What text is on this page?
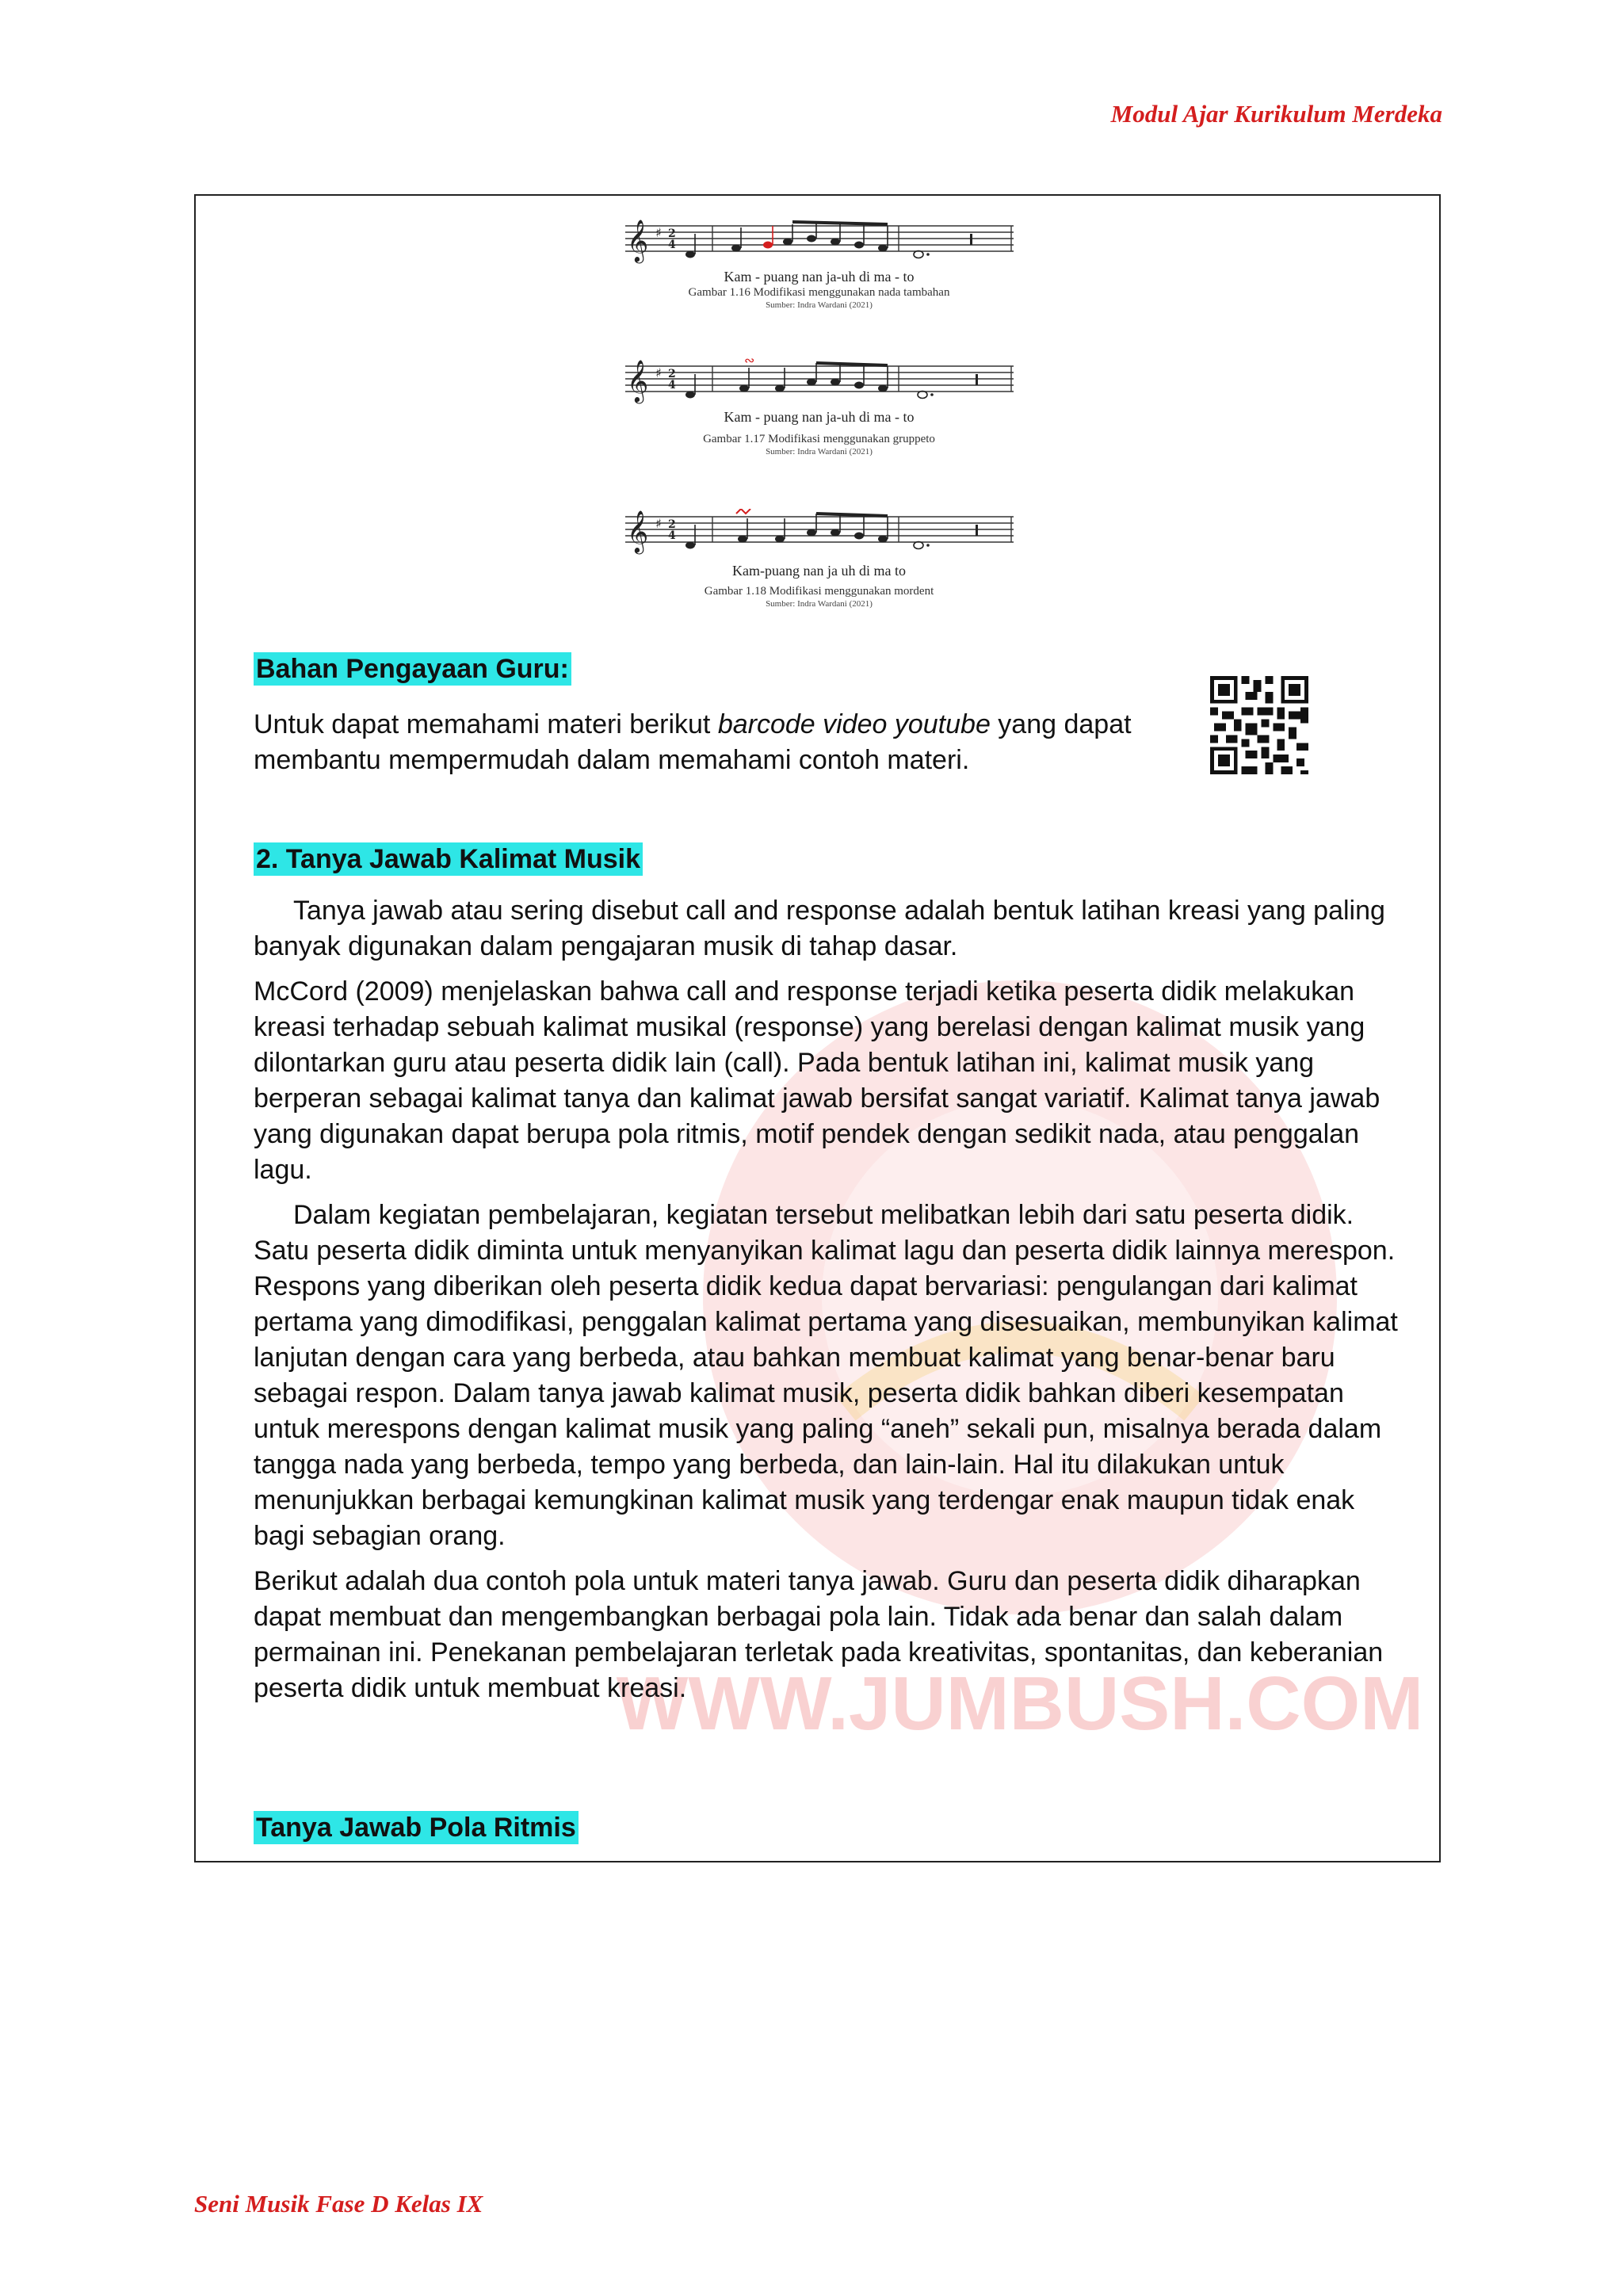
Modul Ajar Kurikulum Merdeka
WWW.JUMBUSH.COM
𝄞 ♯ 2
4
Kam - puang nan ja-uh di ma - to
Gambar 1.16 Modifikasi menggunakan nada tambahan
Sumber: Indra Wardani (2021)
𝄞 ♯ 2
4
∾
Kam - puang nan ja-uh di ma - to
Gambar 1.17 Modifikasi menggunakan gruppeto
Sumber: Indra Wardani (2021)
𝄞 ♯ 2
4
Kam-puang nan ja uh di ma to
Gambar 1.18 Modifikasi menggunakan mordent
Sumber: Indra Wardani (2021)
Bahan Pengayaan Guru:

Untuk dapat memahami materi berikut barcode video youtube yang dapat membantu mempermudah dalam memahami contoh materi.

2. Tanya Jawab Kalimat Musik

Tanya jawab atau sering disebut call and response adalah bentuk latihan kreasi yang paling banyak digunakan dalam pengajaran musik di tahap dasar.

McCord (2009) menjelaskan bahwa call and response terjadi ketika peserta didik melakukan kreasi terhadap sebuah kalimat musikal (response) yang berelasi dengan kalimat musik yang dilontarkan guru atau peserta didik lain (call). Pada bentuk latihan ini, kalimat musik yang berperan sebagai kalimat tanya dan kalimat jawab bersifat sangat variatif. Kalimat tanya jawab yang digunakan dapat berupa pola ritmis, motif pendek dengan sedikit nada, atau penggalan lagu.

Dalam kegiatan pembelajaran, kegiatan tersebut melibatkan lebih dari satu peserta didik. Satu peserta didik diminta untuk menyanyikan kalimat lagu dan peserta didik lainnya merespon. Respons yang diberikan oleh peserta didik kedua dapat bervariasi: pengulangan dari kalimat pertama yang dimodifikasi, penggalan kalimat pertama yang disesuaikan, membunyikan kalimat lanjutan dengan cara yang berbeda, atau bahkan membuat kalimat yang benar-benar baru sebagai respon. Dalam tanya jawab kalimat musik, peserta didik bahkan diberi kesempatan untuk merespons dengan kalimat musik yang paling “aneh” sekali pun, misalnya berada dalam tangga nada yang berbeda, tempo yang berbeda, dan lain-lain. Hal itu dilakukan untuk menunjukkan berbagai kemungkinan kalimat musik yang terdengar enak maupun tidak enak bagi sebagian orang.

Berikut adalah dua contoh pola untuk materi tanya jawab. Guru dan peserta didik diharapkan dapat membuat dan mengembangkan berbagai pola lain. Tidak ada benar dan salah dalam permainan ini. Penekanan pembelajaran terletak pada kreativitas, spontanitas, dan keberanian peserta didik untuk membuat kreasi.

Tanya Jawab Pola Ritmis
Seni Musik Fase D Kelas IX
